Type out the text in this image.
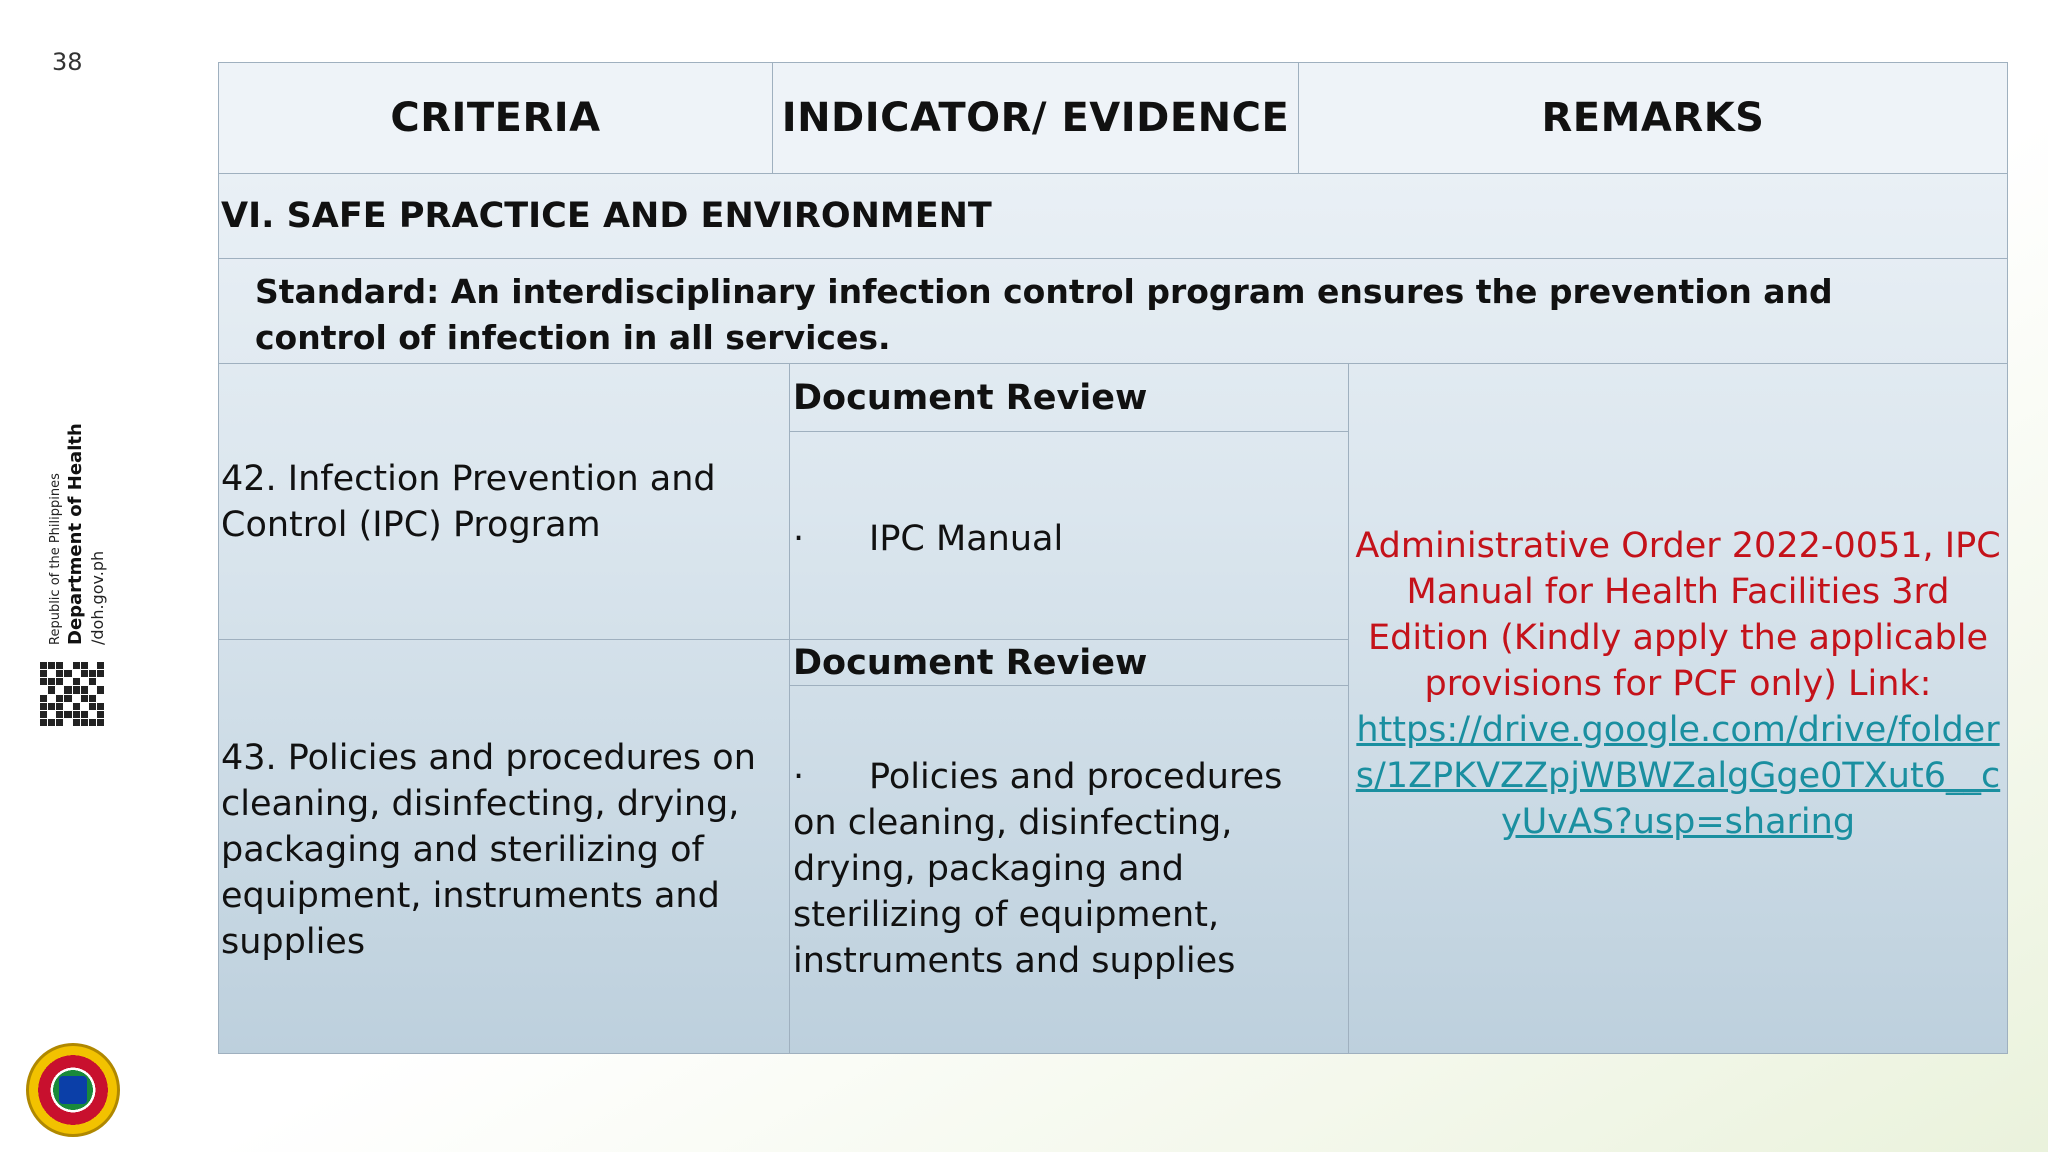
38
Republic of the Philippines Department of Health /doh.gov.ph
CRITERIA	INDICATOR/ EVIDENCE	REMARKS
VI. SAFE PRACTICE AND ENVIRONMENT
Standard: An interdisciplinary infection control program ensures the prevention and control of infection in all services.
42. Infection Prevention and Control (IPC) Program
Document Review
· IPC Manual
43. Policies and procedures on cleaning, disinfecting, drying, packaging and sterilizing of equipment, instruments and supplies
Document Review
· Policies and procedures on cleaning, disinfecting, drying, packaging and sterilizing of equipment, instruments and supplies
Administrative Order 2022-0051, IPC Manual for Health Facilities 3rd Edition (Kindly apply the applicable provisions for PCF only) Link:
https://drive.google.com/drive/folders/1ZPKVZZpjWBWZalgGge0TXut6__cyUvAS?usp=sharing
